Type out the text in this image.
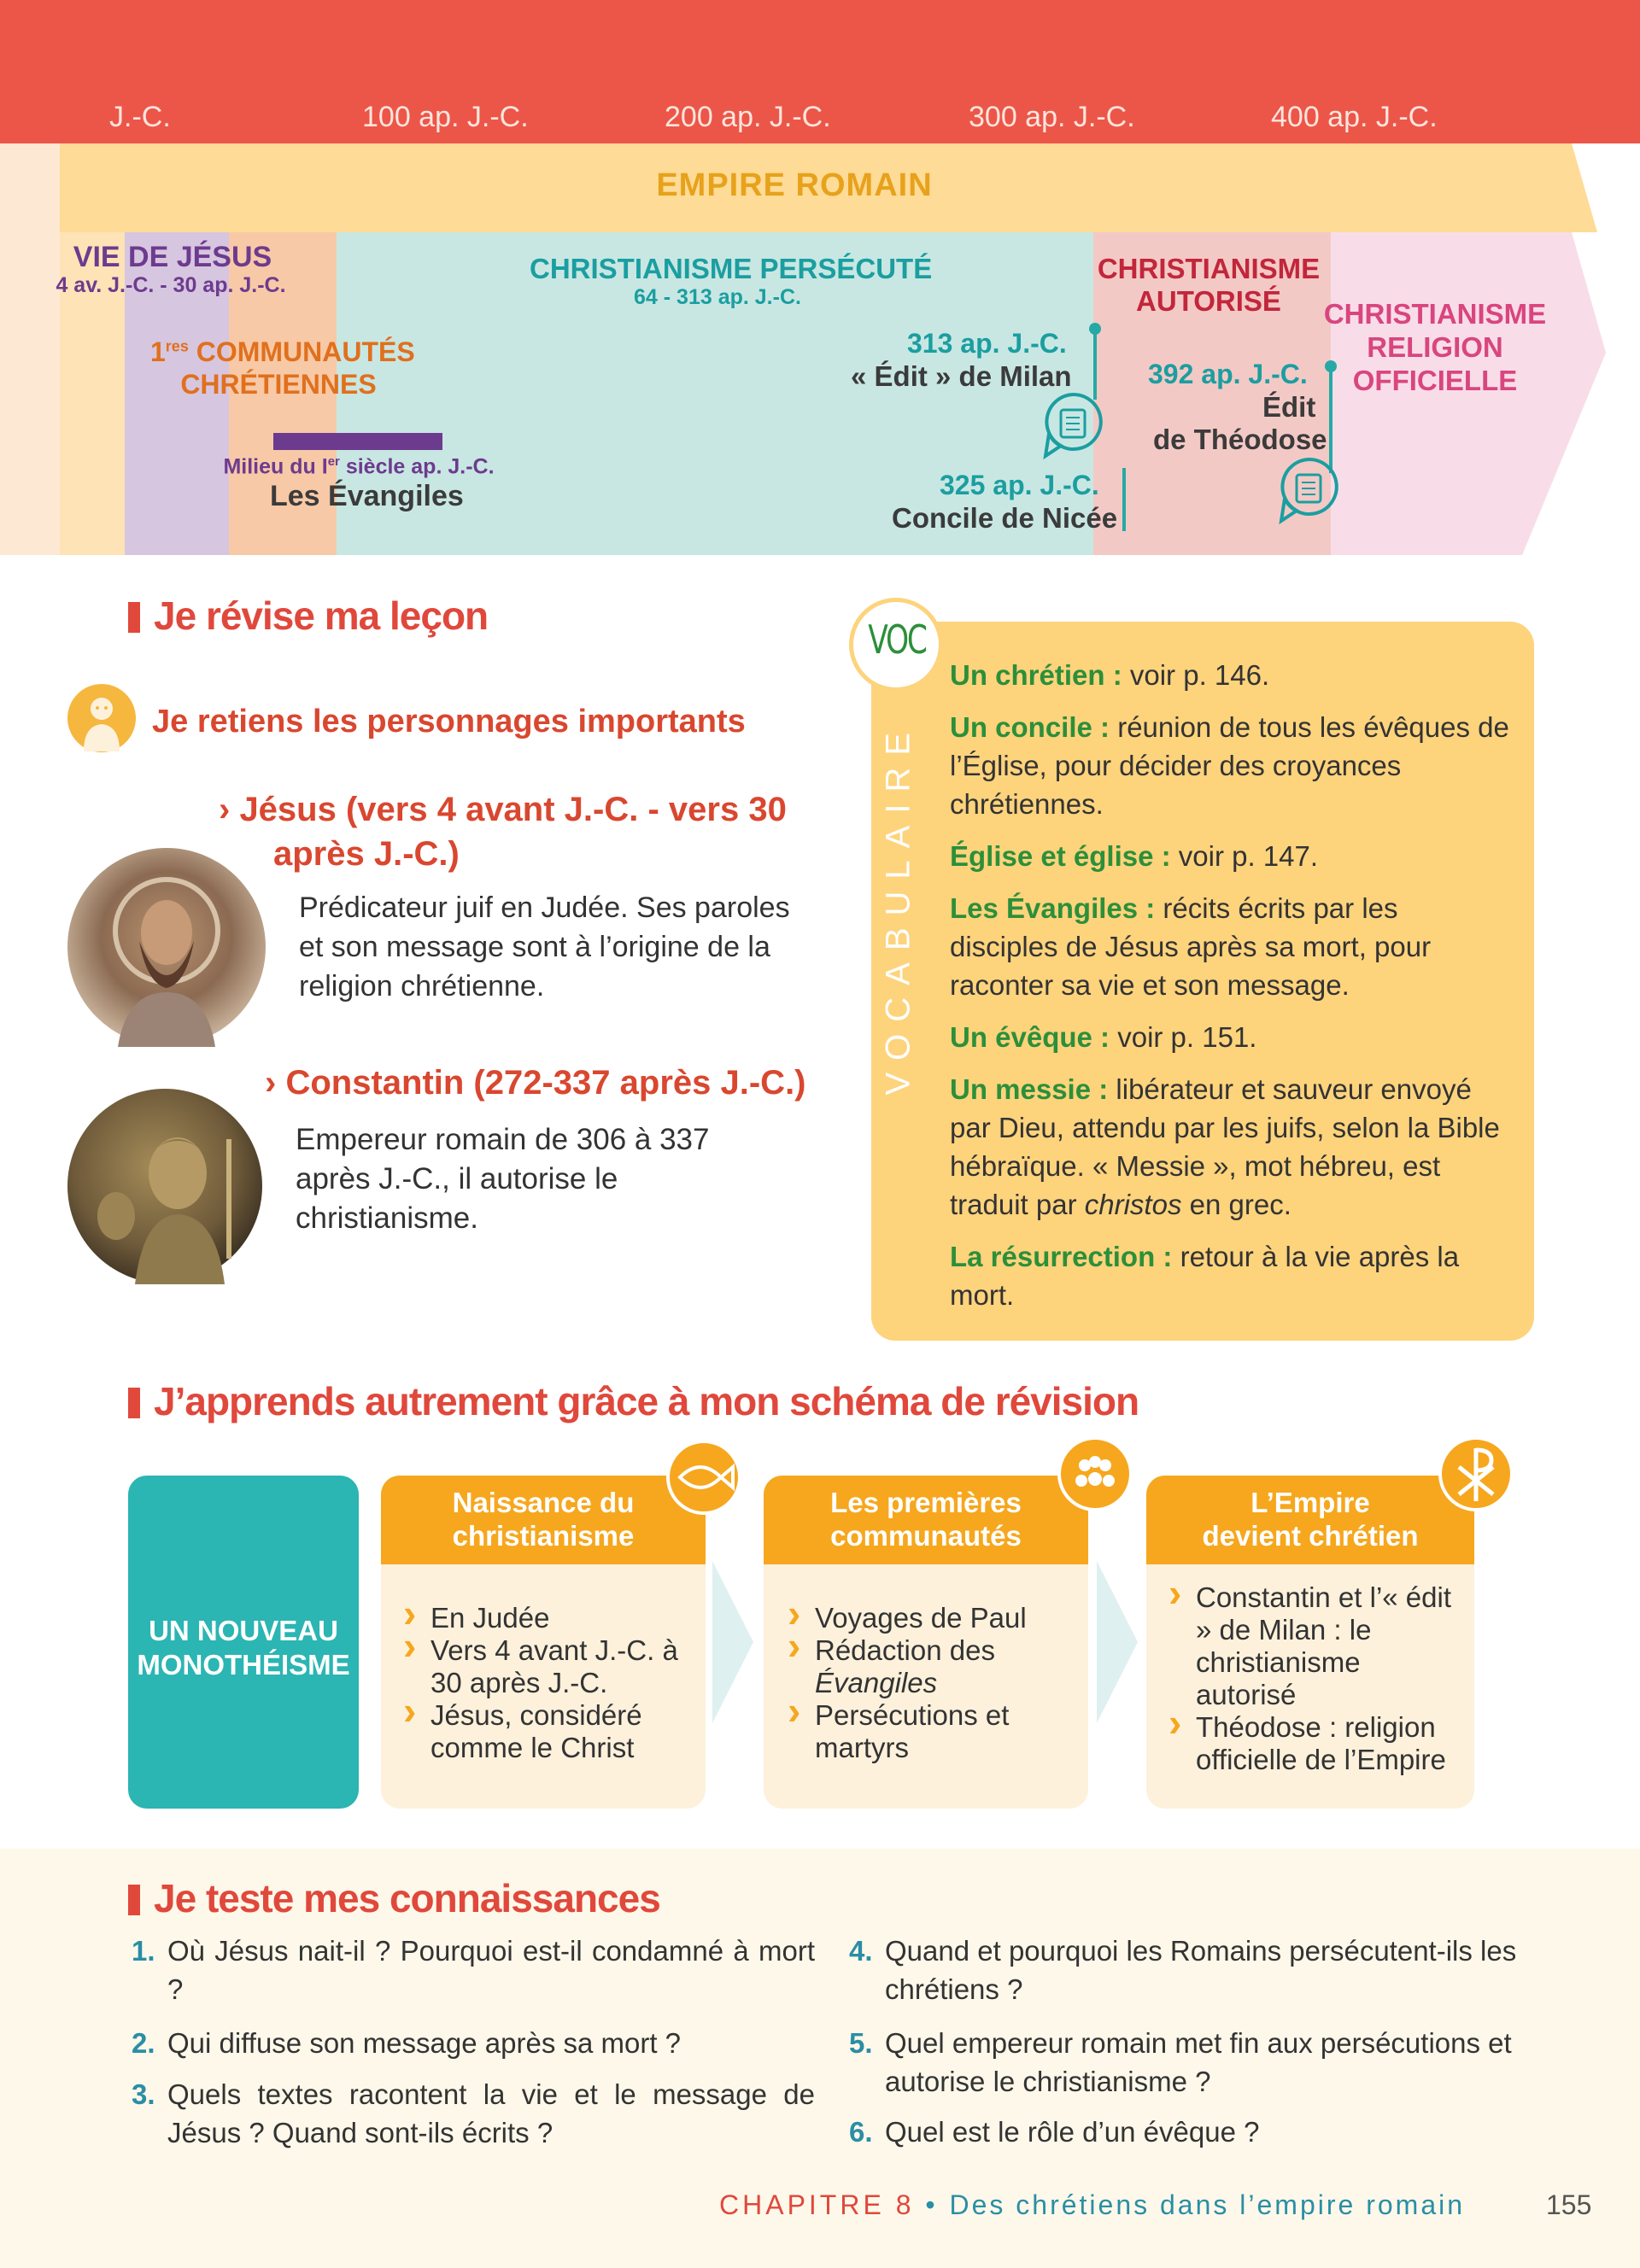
J.-C.	100 ap. J.-C.	200 ap. J.-C.	300 ap. J.-C.	400 ap. J.-C.
EMPIRE ROMAIN
VIE DE JÉSUS
4 av. J.-C. - 30 ap. J.-C.
1res COMMUNAUTÉS
CHRÉTIENNES
Milieu du Ier siècle ap. J.-C.
Les Évangiles
CHRISTIANISME PERSÉCUTÉ
64 - 313 ap. J.-C.
313 ap. J.-C.
« Édit » de Milan
325 ap. J.-C.
Concile de Nicée
CHRISTIANISME
AUTORISÉ
392 ap. J.-C.
Édit
de Théodose
CHRISTIANISME
RELIGION
OFFICIELLE
Je révise ma leçon
Je retiens les personnages importants
› Jésus (vers 4 avant J.-C. - vers 30
après J.-C.)
Prédicateur juif en Judée. Ses paroles et son message sont à l’origine de la religion chrétienne.
› Constantin (272-337 après J.-C.)
Empereur romain de 306 à 337 après J.-C., il autorise le christianisme.
VOC
VOCABULAIRE

Un chrétien : voir p. 146.

Un concile : réunion de tous les évêques de l’Église, pour décider des croyances chrétiennes.

Église et église : voir p. 147.

Les Évangiles : récits écrits par les disciples de Jésus après sa mort, pour raconter sa vie et son message.

Un évêque : voir p. 151.

Un messie : libérateur et sauveur envoyé par Dieu, attendu par les juifs, selon la Bible hébraïque. « Messie », mot hébreu, est traduit par christos en grec.

La résurrection : retour à la vie après la mort.

J’apprends autrement grâce à mon schéma de révision
UN NOUVEAU
MONOTHÉISME
Naissance du
christianisme
› En Judée
› Vers 4 avant J.-C. à 30 après J.-C.
› Jésus, considéré comme le Christ
Les premières
communautés
› Voyages de Paul
› Rédaction des
Évangiles
› Persécutions et martyrs
L’Empire
devient chrétien
› Constantin et l’« édit » de Milan : le christianisme autorisé
› Théodose : religion officielle de l’Empire
Je teste mes connaissances
1. Où Jésus nait-il ? Pourquoi est-il condamné à mort ?
2. Qui diffuse son message après sa mort ?
3. Quels textes racontent la vie et le message de Jésus ? Quand sont-ils écrits ?
4. Quand et pourquoi les Romains persécutent-ils les chrétiens ?
5. Quel empereur romain met fin aux persécutions et autorise le christianisme ?
6. Quel est le rôle d’un évêque ?
CHAPITRE 8 • Des chrétiens dans l’empire romain	155
